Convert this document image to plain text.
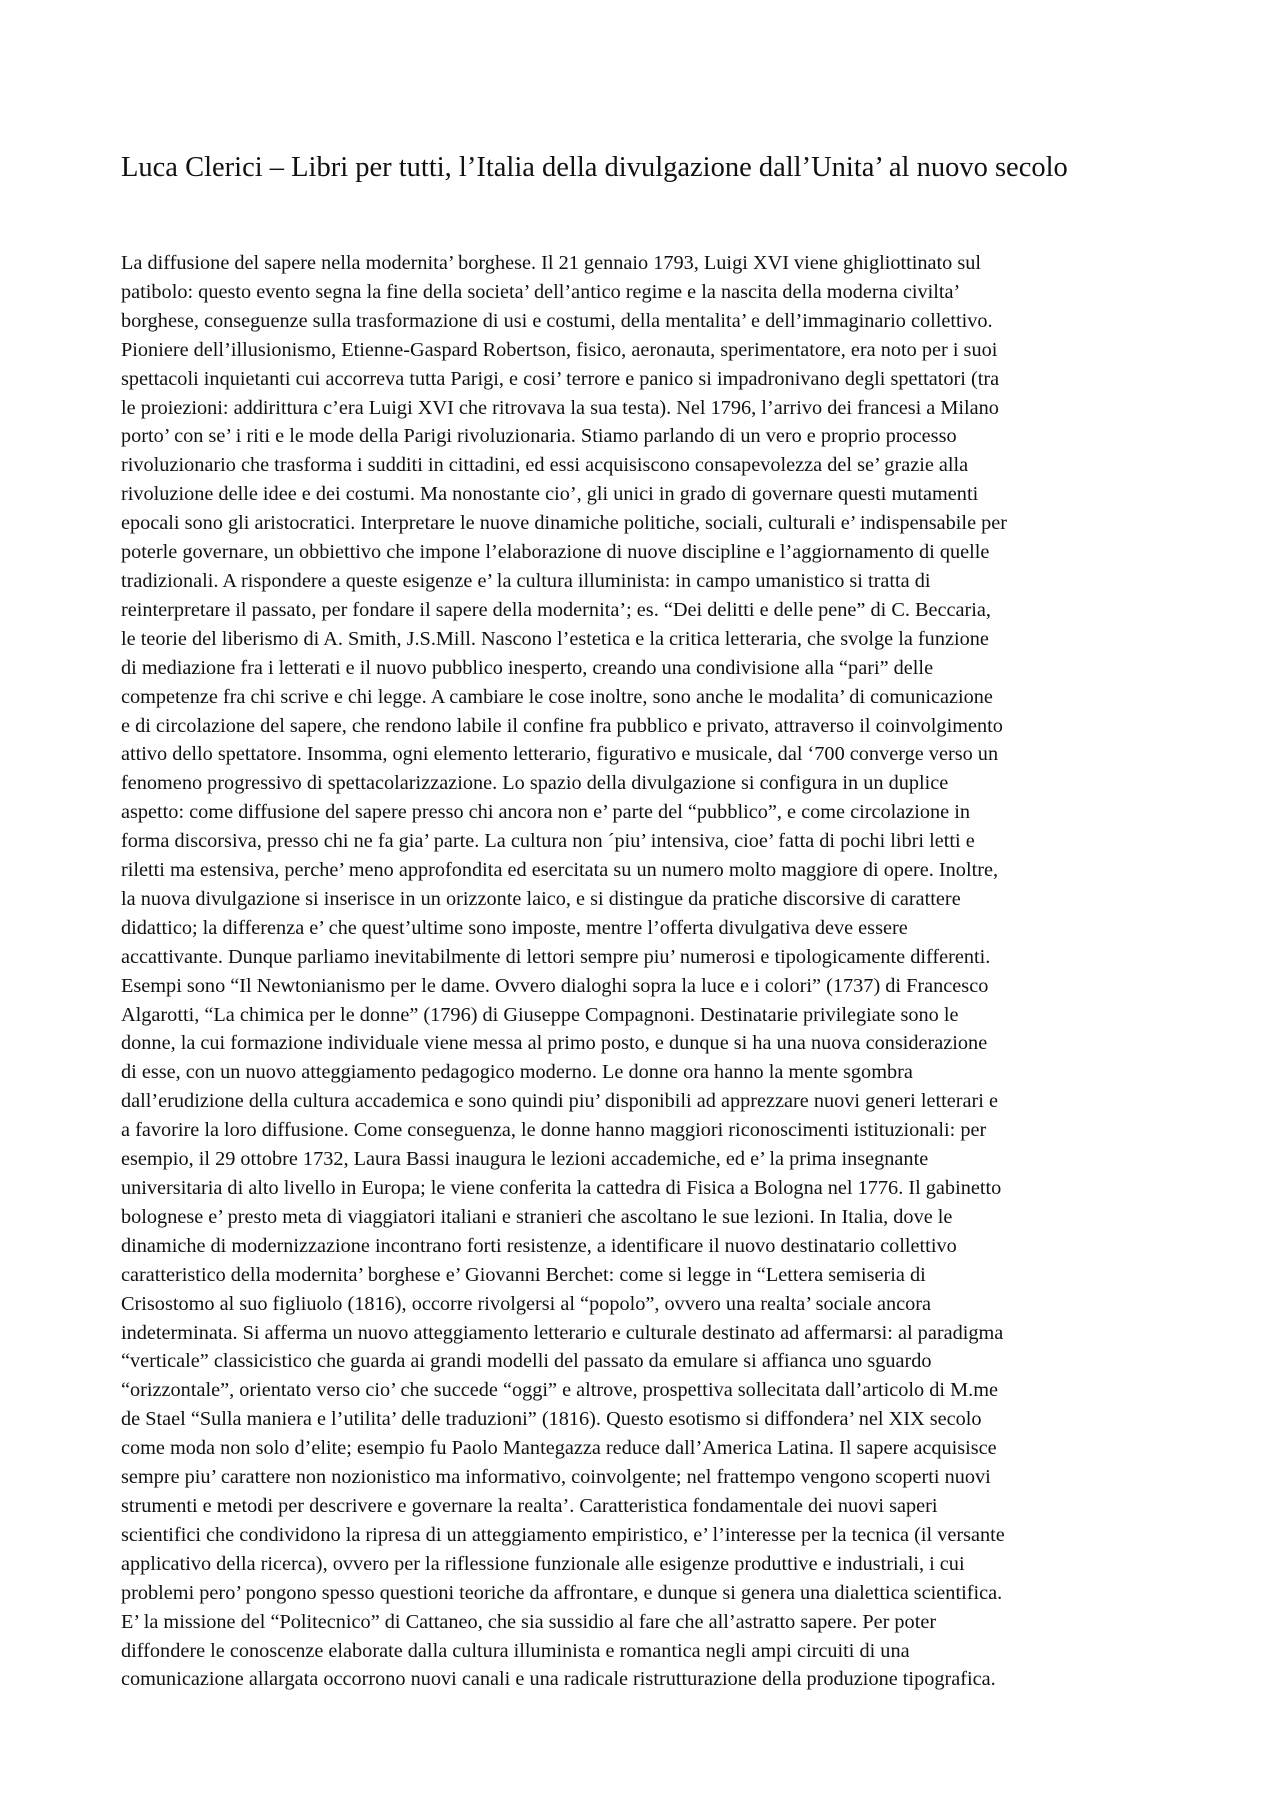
Luca Clerici – Libri per tutti, l’Italia della divulgazione dall’Unita’ al nuovo secolo
La diffusione del sapere nella modernita’ borghese. Il 21 gennaio 1793, Luigi XVI viene ghigliottinato sul
patibolo: questo evento segna la fine della societa’ dell’antico regime e la nascita della moderna civilta’
borghese, conseguenze sulla trasformazione di usi e costumi, della mentalita’ e dell’immaginario collettivo.
Pioniere dell’illusionismo, Etienne-Gaspard Robertson, fisico, aeronauta, sperimentatore, era noto per i suoi
spettacoli inquietanti cui accorreva tutta Parigi, e cosi’ terrore e panico si impadronivano degli spettatori (tra
le proiezioni: addirittura c’era Luigi XVI che ritrovava la sua testa). Nel 1796, l’arrivo dei francesi a Milano
porto’ con se’ i riti e le mode della Parigi rivoluzionaria. Stiamo parlando di un vero e proprio processo
rivoluzionario che trasforma i sudditi in cittadini, ed essi acquisiscono consapevolezza del se’ grazie alla
rivoluzione delle idee e dei costumi. Ma nonostante cio’, gli unici in grado di governare questi mutamenti
epocali sono gli aristocratici. Interpretare le nuove dinamiche politiche, sociali, culturali e’ indispensabile per
poterle governare, un obbiettivo che impone l’elaborazione di nuove discipline e l’aggiornamento di quelle
tradizionali. A rispondere a queste esigenze e’ la cultura illuminista: in campo umanistico si tratta di
reinterpretare il passato, per fondare il sapere della modernita’; es. “Dei delitti e delle pene” di C. Beccaria,
le teorie del liberismo di A. Smith, J.S.Mill. Nascono l’estetica e la critica letteraria, che svolge la funzione
di mediazione fra i letterati e il nuovo pubblico inesperto, creando una condivisione alla “pari” delle
competenze fra chi scrive e chi legge. A cambiare le cose inoltre, sono anche le modalita’ di comunicazione
e di circolazione del sapere, che rendono labile il confine fra pubblico e privato, attraverso il coinvolgimento
attivo dello spettatore. Insomma, ogni elemento letterario, figurativo e musicale, dal ‘700 converge verso un
fenomeno progressivo di spettacolarizzazione. Lo spazio della divulgazione si configura in un duplice
aspetto: come diffusione del sapere presso chi ancora non e’ parte del “pubblico”, e come circolazione in
forma discorsiva, presso chi ne fa gia’ parte. La cultura non ´piu’ intensiva, cioe’ fatta di pochi libri letti e
riletti ma estensiva, perche’ meno approfondita ed esercitata su un numero molto maggiore di opere. Inoltre,
la nuova divulgazione si inserisce in un orizzonte laico, e si distingue da pratiche discorsive di carattere
didattico; la differenza e’ che quest’ultime sono imposte, mentre l’offerta divulgativa deve essere
accattivante. Dunque parliamo inevitabilmente di lettori sempre piu’ numerosi e tipologicamente differenti.
Esempi sono “Il Newtonianismo per le dame. Ovvero dialoghi sopra la luce e i colori” (1737) di Francesco
Algarotti, “La chimica per le donne” (1796) di Giuseppe Compagnoni. Destinatarie privilegiate sono le
donne, la cui formazione individuale viene messa al primo posto, e dunque si ha una nuova considerazione
di esse, con un nuovo atteggiamento pedagogico moderno. Le donne ora hanno la mente sgombra
dall’erudizione della cultura accademica e sono quindi piu’ disponibili ad apprezzare nuovi generi letterari e
a favorire la loro diffusione. Come conseguenza, le donne hanno maggiori riconoscimenti istituzionali: per
esempio, il 29 ottobre 1732, Laura Bassi inaugura le lezioni accademiche, ed e’ la prima insegnante
universitaria di alto livello in Europa; le viene conferita la cattedra di Fisica a Bologna nel 1776. Il gabinetto
bolognese e’ presto meta di viaggiatori italiani e stranieri che ascoltano le sue lezioni. In Italia, dove le
dinamiche di modernizzazione incontrano forti resistenze, a identificare il nuovo destinatario collettivo
caratteristico della modernita’ borghese e’ Giovanni Berchet: come si legge in “Lettera semiseria di
Crisostomo al suo figliuolo (1816), occorre rivolgersi al “popolo”, ovvero una realta’ sociale ancora
indeterminata. Si afferma un nuovo atteggiamento letterario e culturale destinato ad affermarsi: al paradigma
“verticale” classicistico che guarda ai grandi modelli del passato da emulare si affianca uno sguardo
“orizzontale”, orientato verso cio’ che succede “oggi” e altrove, prospettiva sollecitata dall’articolo di M.me
de Stael “Sulla maniera e l’utilita’ delle traduzioni” (1816). Questo esotismo si diffondera’ nel XIX secolo
come moda non solo d’elite; esempio fu Paolo Mantegazza reduce dall’America Latina. Il sapere acquisisce
sempre piu’ carattere non nozionistico ma informativo, coinvolgente; nel frattempo vengono scoperti nuovi
strumenti e metodi per descrivere e governare la realta’. Caratteristica fondamentale dei nuovi saperi
scientifici che condividono la ripresa di un atteggiamento empiristico, e’ l’interesse per la tecnica (il versante
applicativo della ricerca), ovvero per la riflessione funzionale alle esigenze produttive e industriali, i cui
problemi pero’ pongono spesso questioni teoriche da affrontare, e dunque si genera una dialettica scientifica.
E’ la missione del “Politecnico” di Cattaneo, che sia sussidio al fare che all’astratto sapere. Per poter
diffondere le conoscenze elaborate dalla cultura illuminista e romantica negli ampi circuiti di una
comunicazione allargata occorrono nuovi canali e una radicale ristrutturazione della produzione tipografica.
